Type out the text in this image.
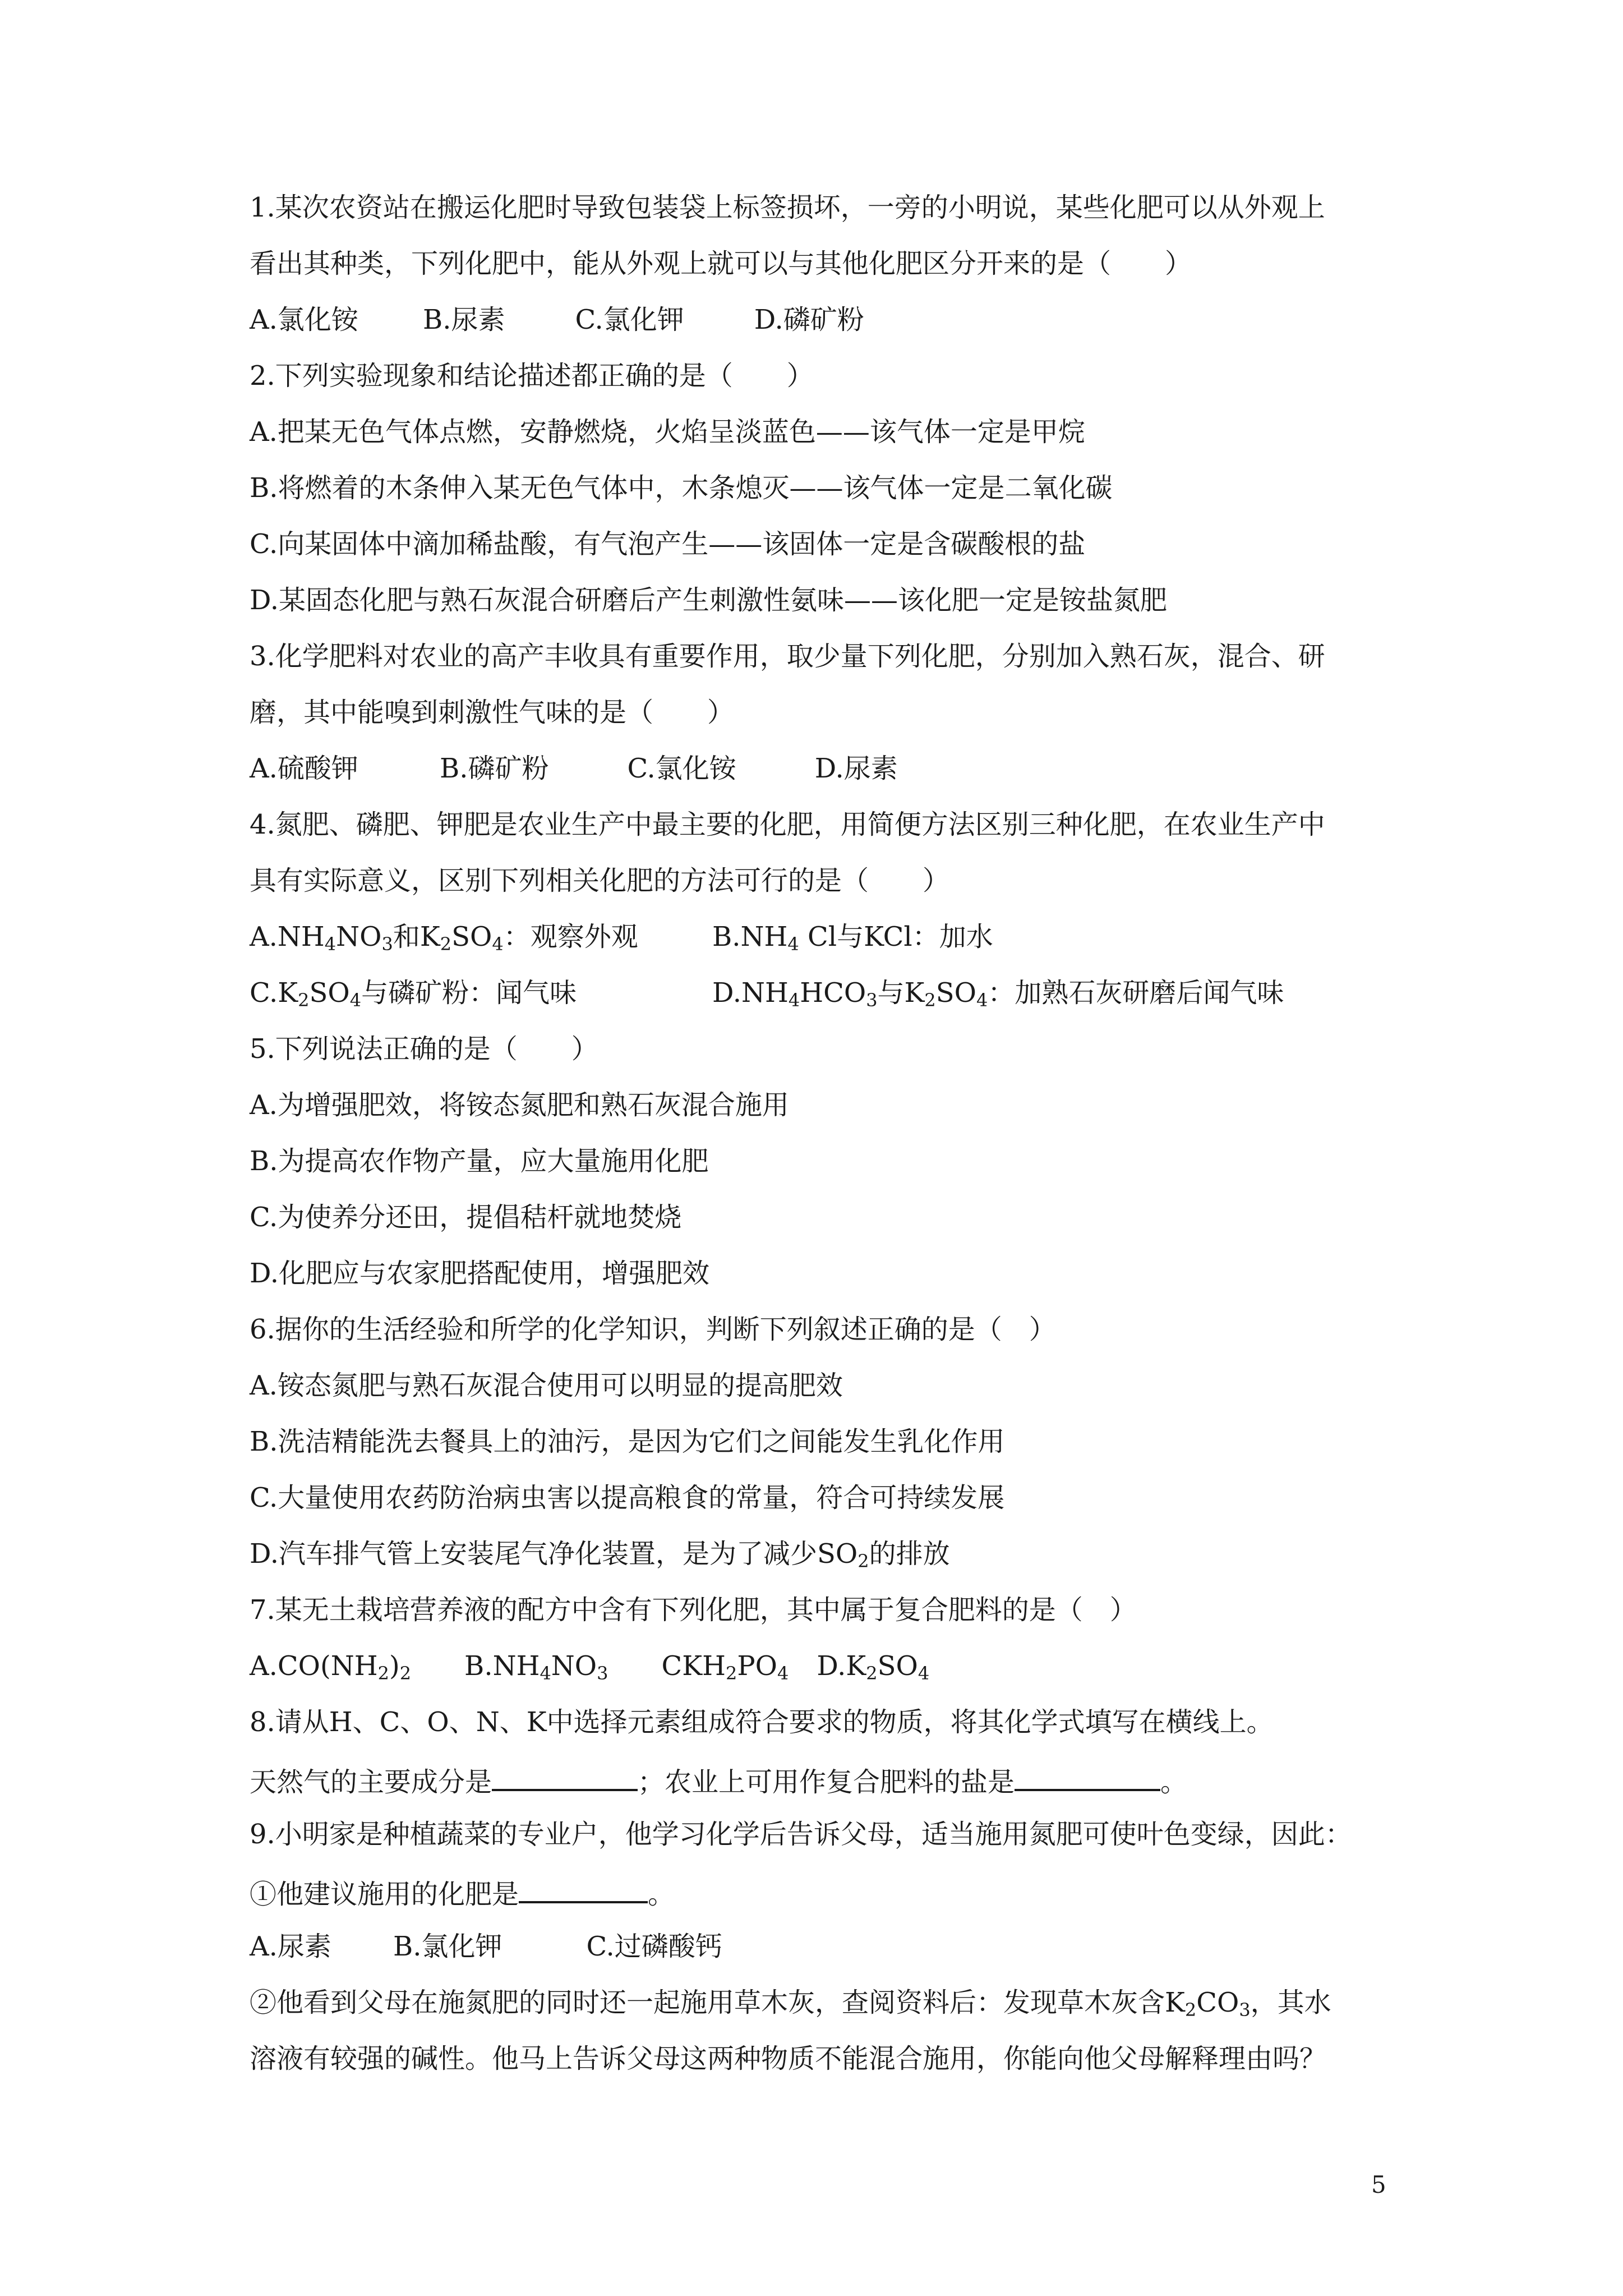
1.某次农资站在搬运化肥时导致包装袋上标签损坏，一旁的小明说，某些化肥可以从外观上
看出其种类，下列化肥中，能从外观上就可以与其他化肥区分开来的是（　　）
A.氯化铵 B.尿素	C.氯化钾	D.磷矿粉
2.下列实验现象和结论描述都正确的是（　　）
A.把某无色气体点燃，安静燃烧，火焰呈淡蓝色——该气体一定是甲烷
B.将燃着的木条伸入某无色气体中，木条熄灭——该气体一定是二氧化碳
C.向某固体中滴加稀盐酸，有气泡产生——该固体一定是含碳酸根的盐
D.某固态化肥与熟石灰混合研磨后产生刺激性氨味——该化肥一定是铵盐氮肥
3.化学肥料对农业的高产丰收具有重要作用，取少量下列化肥，分别加入熟石灰，混合、研
磨，其中能嗅到刺激性气味的是（　　）
A.硫酸钾	B.磷矿粉	C.氯化铵	D.尿素
4.氮肥、磷肥、钾肥是农业生产中最主要的化肥，用简便方法区别三种化肥，在农业生产中
具有实际意义，区别下列相关化肥的方法可行的是（　　）
$A.NH_4NO_3$和$K_2SO_4$：观察外观	$B.NH_4$ Cl与KCl：加水
$C.K_2SO_4$与磷矿粉：闻气味	$D.NH_4HCO_3$与$K_2SO_4$：加熟石灰研磨后闻气味
5.下列说法正确的是（　　）
A.为增强肥效，将铵态氮肥和熟石灰混合施用
B.为提高农作物产量，应大量施用化肥
C.为使养分还田，提倡秸杆就地焚烧
D.化肥应与农家肥搭配使用，增强肥效
6.据你的生活经验和所学的化学知识，判断下列叙述正确的是（　）
A.铵态氮肥与熟石灰混合使用可以明显的提高肥效
B.洗洁精能洗去餐具上的油污，是因为它们之间能发生乳化作用
C.大量使用农药防治病虫害以提高粮食的常量，符合可持续发展
D.汽车排气管上安装尾气净化装置，是为了减少$SO_2$的排放
7.某无土栽培营养液的配方中含有下列化肥，其中属于复合肥料的是（　）
$A.CO(NH_2)_2$ $B.NH_4NO_3$ $CKH_2PO_4$ $D.K_2SO_4$
8.请从H、C、O、N、K中选择元素组成符合要求的物质，将其化学式填写在横线上。
天然气的主要成分是	；农业上可用作复合肥料的盐是	。
9.小明家是种植蔬菜的专业户，他学习化学后告诉父母，适当施用氮肥可使叶色变绿，因此：
①他建议施用的化肥是	。
A.尿素 B.氯化钾	C.过磷酸钙
②他看到父母在施氮肥的同时还一起施用草木灰，查阅资料后：发现草木灰含$K_2CO_3$，其水
溶液有较强的碱性。他马上告诉父母这两种物质不能混合施用，你能向他父母解释理由吗？
5
